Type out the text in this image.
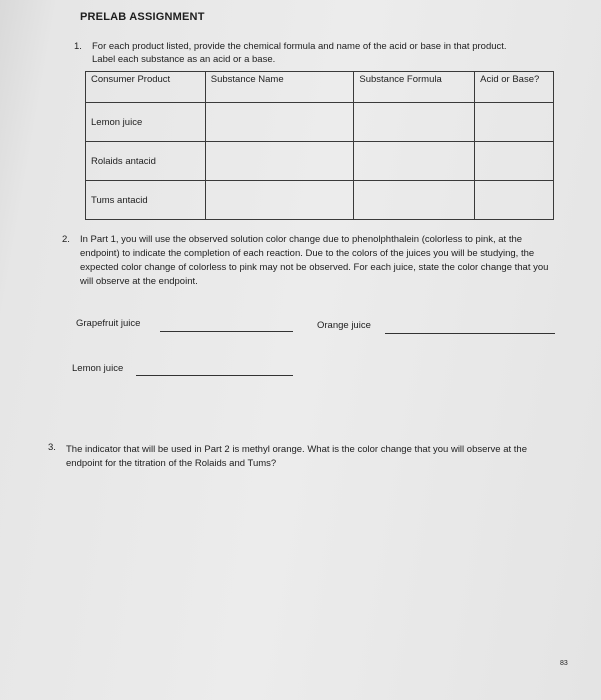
PRELAB ASSIGNMENT
1. For each product listed, provide the chemical formula and name of the acid or base in that product. Label each substance as an acid or a base.
Consumer Product	Substance Name	Substance Formula	Acid or Base?
Lemon juice			
Rolaids antacid			
Tums antacid			
2. In Part 1, you will use the observed solution color change due to phenolphthalein (colorless to pink, at the endpoint) to indicate the completion of each reaction. Due to the colors of the juices you will be studying, the expected color change of colorless to pink may not be observed. For each juice, state the color change that you will observe at the endpoint.
Grapefruit juice	Orange juice
Lemon juice
3. The indicator that will be used in Part 2 is methyl orange. What is the color change that you will observe at the endpoint for the titration of the Rolaids and Tums?
83
